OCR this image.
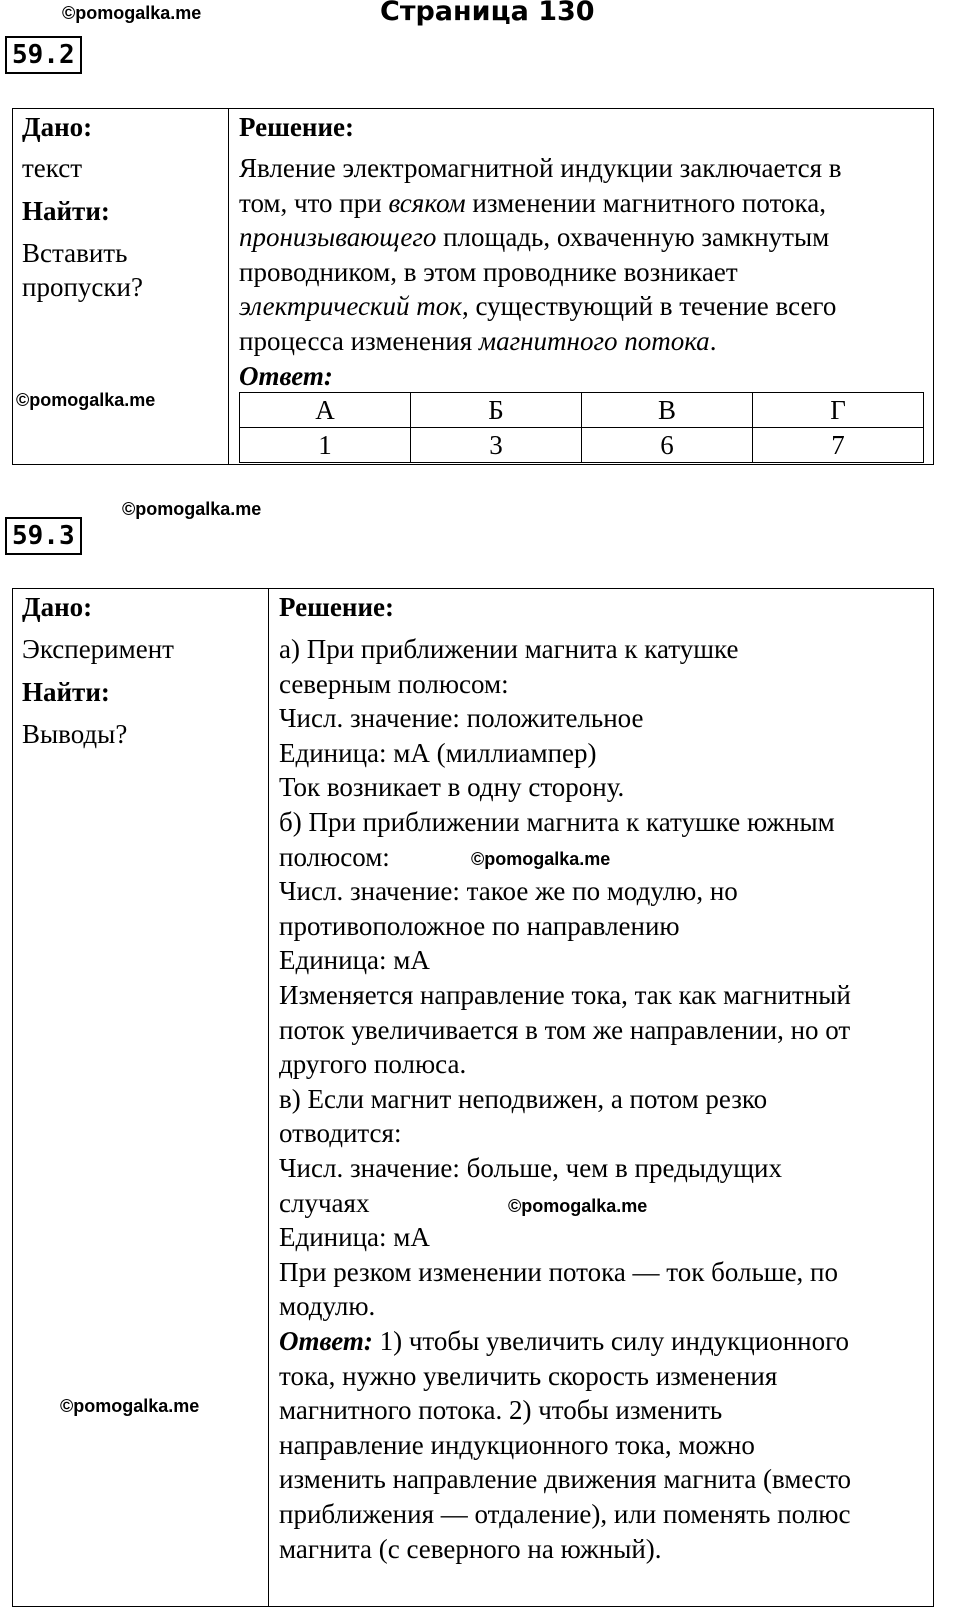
©pomogalka.me	Страница 130
59.2
Дано:
текст
Найти:
Вставить
пропуски?
©pomogalka.me
Решение:
Явление электромагнитной индукции заключается в
том, что при всяком изменении магнитного потока,
пронизывающего площадь, охваченную замкнутым
проводником, в этом проводнике возникает
электрический ток, существующий в течение всего
процесса изменения магнитного потока.
Ответ:
А	Б	В	Г
1	3	6	7
©pomogalka.me
59.3
Дано:
Эксперимент
Найти:
Выводы?
©pomogalka.me
Решение:
а) При приближении магнита к катушке
северным полюсом:
Числ. значение: положительное
Единица: мА (миллиампер)
Ток возникает в одну сторону.
б) При приближении магнита к катушке южным
полюсом:	©pomogalka.me
Числ. значение: такое же по модулю, но
противоположное по направлению
Единица: мА
Изменяется направление тока, так как магнитный
поток увеличивается в том же направлении, но от
другого полюса.
в) Если магнит неподвижен, а потом резко
отводится:
Числ. значение: больше, чем в предыдущих
случаях	©pomogalka.me
Единица: мА
При резком изменении потока — ток больше, по
модулю.
Ответ: 1) чтобы увеличить силу индукционного
тока, нужно увеличить скорость изменения
магнитного потока. 2) чтобы изменить
направление индукционного тока, можно
изменить направление движения магнита (вместо
приближения — отдаление), или поменять полюс
магнита (с северного на южный).
